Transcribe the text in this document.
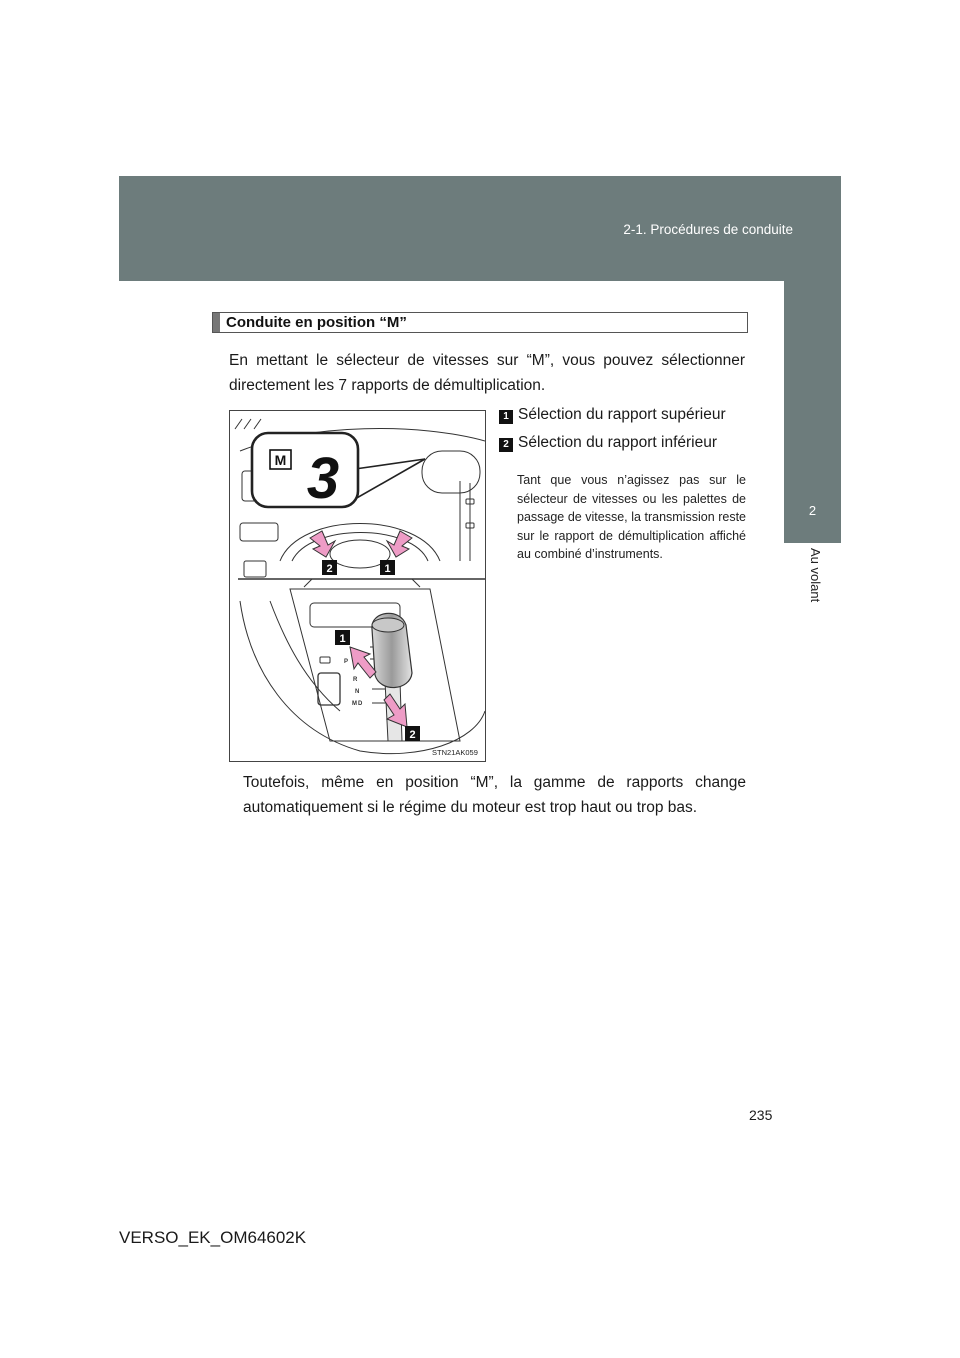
2-1. Procédures de conduite
2
Au volant
Conduite en position “M”
En mettant le sélecteur de vitesses sur “M”, vous pouvez sélectionner directement les 7 rapports de démultiplication.
M 3
2	1
P
R
N
D
M
1
2
STN21AK059
1 Sélection du rapport supérieur
2 Sélection du rapport inférieur
Tant que vous n’agissez pas sur le sélecteur de vitesses ou les palettes de passage de vitesse, la transmission reste sur le rapport de démultiplication affiché au combiné d’instruments.
Toutefois, même en position “M”, la gamme de rapports change automatiquement si le régime du moteur est trop haut ou trop bas.
235
VERSO_EK_OM64602K
